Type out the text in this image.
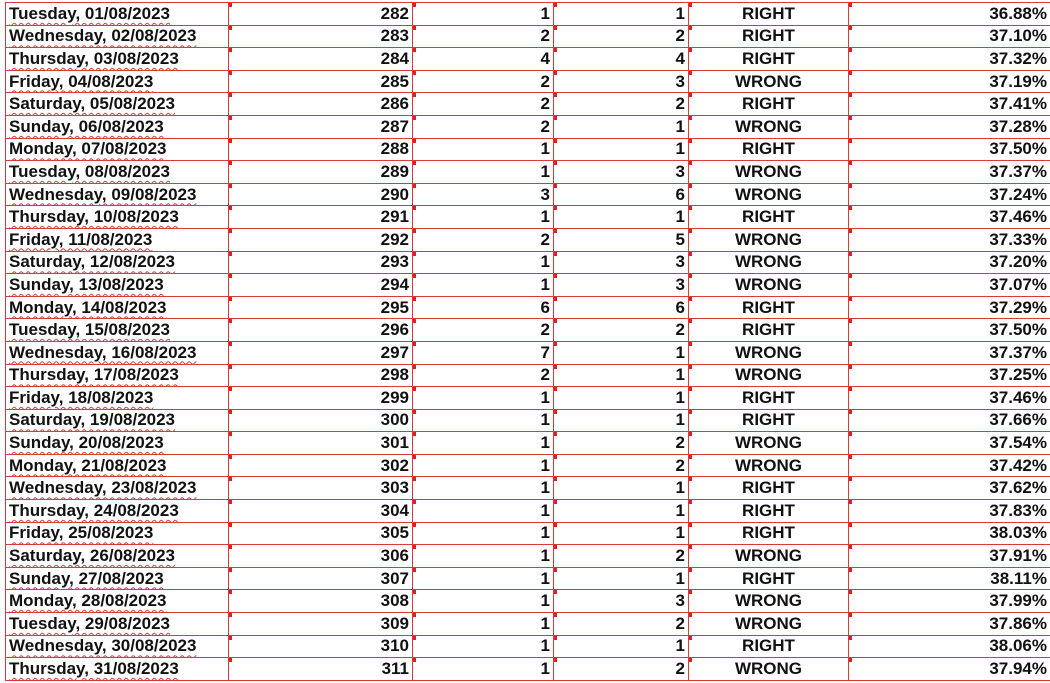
Tuesday, 01/08/2023	282	1	1	RIGHT	36.88%
Wednesday, 02/08/2023	283	2	2	RIGHT	37.10%
Thursday, 03/08/2023	284	4	4	RIGHT	37.32%
Friday, 04/08/2023	285	2	3	WRONG	37.19%
Saturday, 05/08/2023	286	2	2	RIGHT	37.41%
Sunday, 06/08/2023	287	2	1	WRONG	37.28%
Monday, 07/08/2023	288	1	1	RIGHT	37.50%
Tuesday, 08/08/2023	289	1	3	WRONG	37.37%
Wednesday, 09/08/2023	290	3	6	WRONG	37.24%
Thursday, 10/08/2023	291	1	1	RIGHT	37.46%
Friday, 11/08/2023	292	2	5	WRONG	37.33%
Saturday, 12/08/2023	293	1	3	WRONG	37.20%
Sunday, 13/08/2023	294	1	3	WRONG	37.07%
Monday, 14/08/2023	295	6	6	RIGHT	37.29%
Tuesday, 15/08/2023	296	2	2	RIGHT	37.50%
Wednesday, 16/08/2023	297	7	1	WRONG	37.37%
Thursday, 17/08/2023	298	2	1	WRONG	37.25%
Friday, 18/08/2023	299	1	1	RIGHT	37.46%
Saturday, 19/08/2023	300	1	1	RIGHT	37.66%
Sunday, 20/08/2023	301	1	2	WRONG	37.54%
Monday, 21/08/2023	302	1	2	WRONG	37.42%
Wednesday, 23/08/2023	303	1	1	RIGHT	37.62%
Thursday, 24/08/2023	304	1	1	RIGHT	37.83%
Friday, 25/08/2023	305	1	1	RIGHT	38.03%
Saturday, 26/08/2023	306	1	2	WRONG	37.91%
Sunday, 27/08/2023	307	1	1	RIGHT	38.11%
Monday, 28/08/2023	308	1	3	WRONG	37.99%
Tuesday, 29/08/2023	309	1	2	WRONG	37.86%
Wednesday, 30/08/2023	310	1	1	RIGHT	38.06%
Thursday, 31/08/2023	311	1	2	WRONG	37.94%
